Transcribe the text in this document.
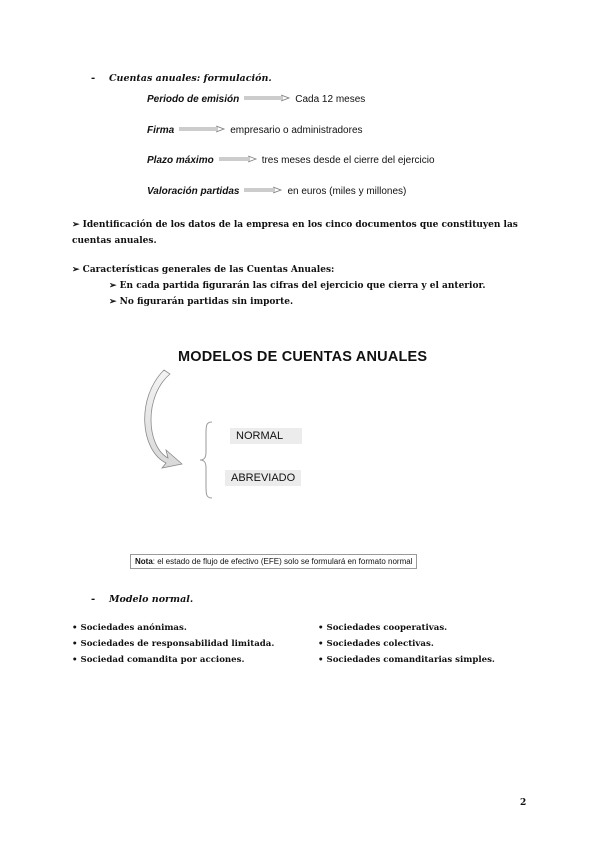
- Cuentas anuales: formulación.
Periodo de emisión	Cada 12 meses
Firma	empresario o administradores
Plazo máximo	tres meses desde el cierre del ejercicio
Valoración partidas	en euros (miles y millones)
➢ Identificación de los datos de la empresa en los cinco documentos que constituyen las
cuentas anuales.
➢ Características generales de las Cuentas Anuales:
➢ En cada partida figurarán las cifras del ejercicio que cierra y el anterior.
➢ No figurarán partidas sin importe.
MODELOS DE CUENTAS ANUALES
NORMAL
ABREVIADO
Nota: el estado de flujo de efectivo (EFE) solo se formulará en formato normal
- Modelo normal.
• Sociedades anónimas.
• Sociedades de responsabilidad limitada.
• Sociedad comandita por acciones.
• Sociedades cooperativas.
• Sociedades colectivas.
• Sociedades comanditarias simples.
2
